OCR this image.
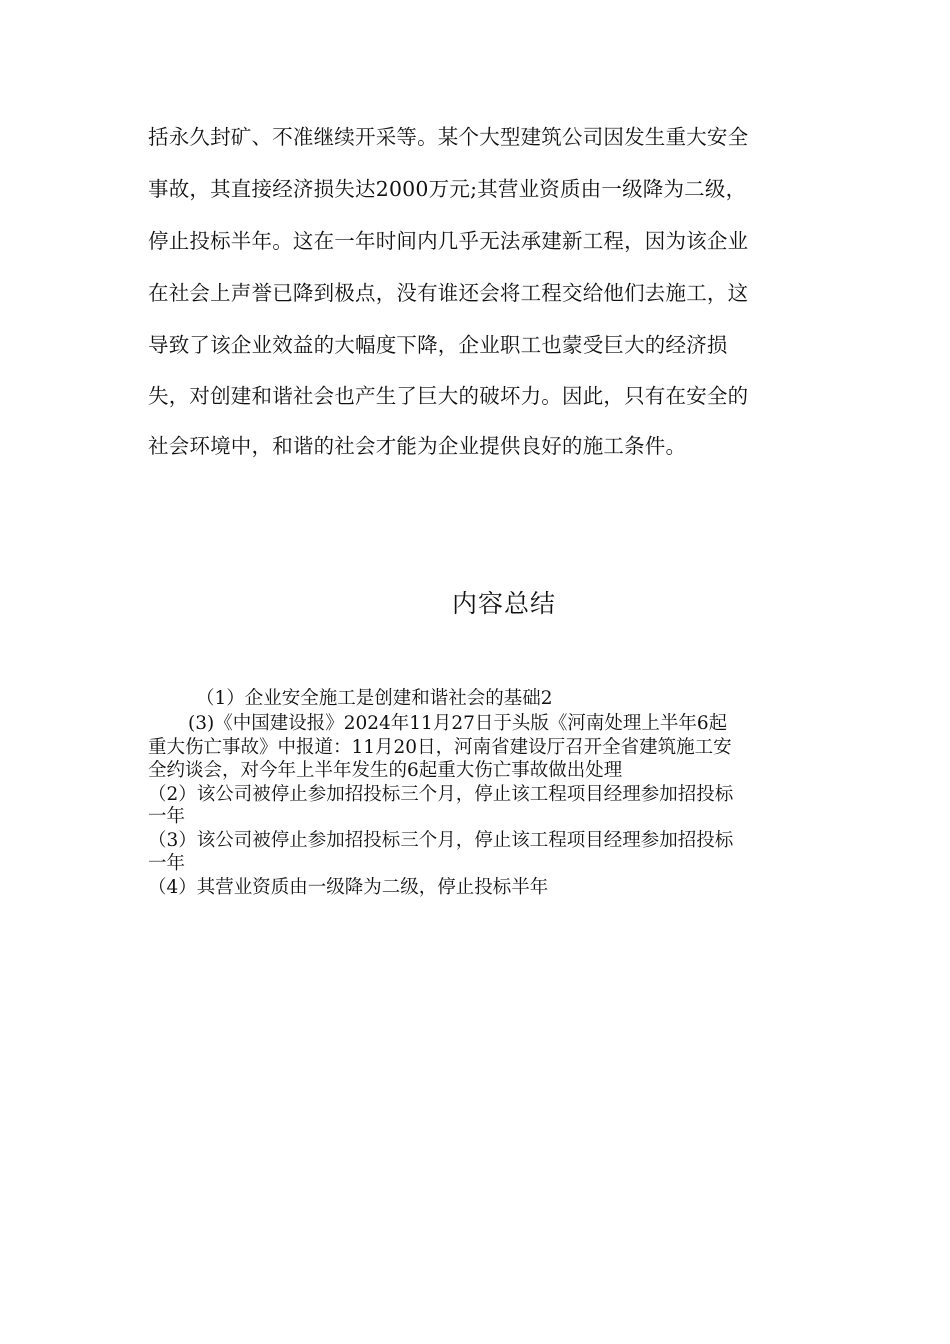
括永久封矿、不准继续开采等。某个大型建筑公司因发生重大安全
事故，其直接经济损失达2000万元;其营业资质由一级降为二级，
停止投标半年。这在一年时间内几乎无法承建新工程，因为该企业
在社会上声誉已降到极点，没有谁还会将工程交给他们去施工，这
导致了该企业效益的大幅度下降，企业职工也蒙受巨大的经济损
失，对创建和谐社会也产生了巨大的破坏力。因此，只有在安全的
社会环境中，和谐的社会才能为企业提供良好的施工条件。
内容总结
（1）企业安全施工是创建和谐社会的基础2
(3)《中国建设报》2024年11月27日于头版《河南处理上半年6起
重大伤亡事故》中报道：11月20日，河南省建设厅召开全省建筑施工安
全约谈会，对今年上半年发生的6起重大伤亡事故做出处理
（2）该公司被停止参加招投标三个月，停止该工程项目经理参加招投标
一年
（3）该公司被停止参加招投标三个月，停止该工程项目经理参加招投标
一年
（4）其营业资质由一级降为二级，停止投标半年
